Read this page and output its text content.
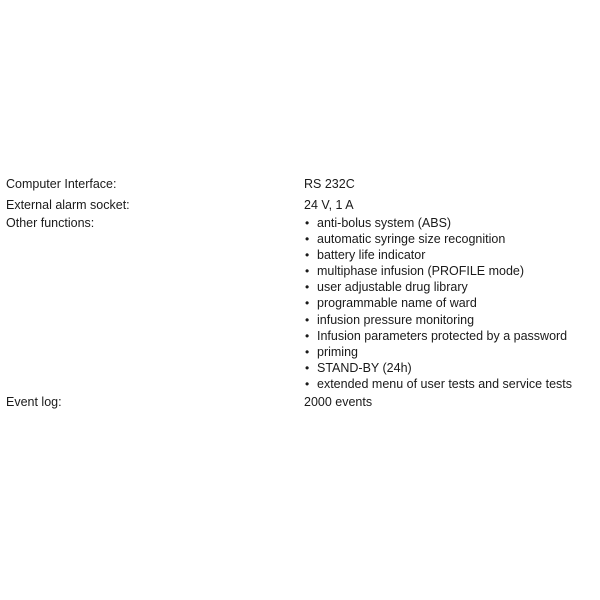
Computer Interface:	RS 232C
External alarm socket:	24 V, 1 A
Other functions:	• anti-bolus system (ABS)
• automatic syringe size recognition
• battery life indicator
• multiphase infusion (PROFILE mode)
• user adjustable drug library
• programmable name of ward
• infusion pressure monitoring
• Infusion parameters protected by a password
• priming
• STAND-BY (24h)
• extended menu of user tests and service tests
Event log:	2000 events
